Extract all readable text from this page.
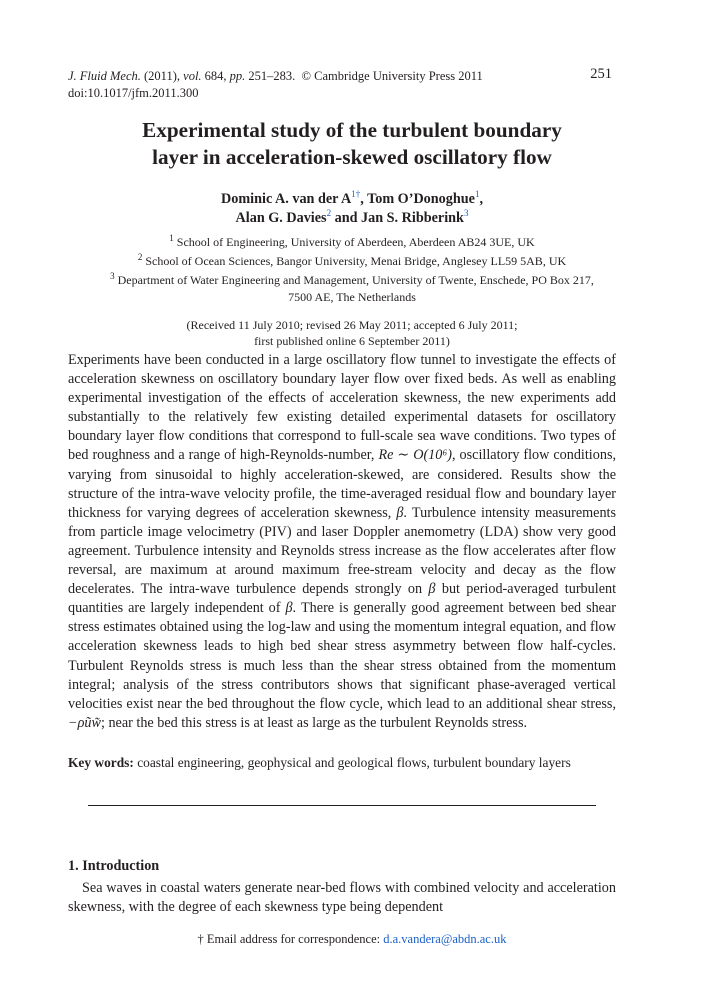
J. Fluid Mech. (2011), vol. 684, pp. 251–283. © Cambridge University Press 2011
doi:10.1017/jfm.2011.300
251
Experimental study of the turbulent boundary
layer in acceleration-skewed oscillatory flow
Dominic A. van der $A^{1\dagger}$, Tom O’Donoghue$^1$,
Alan G. Davies$^2$ and Jan S. Ribberink$^3$
$^1$ School of Engineering, University of Aberdeen, Aberdeen AB24 3UE, UK
$^2$ School of Ocean Sciences, Bangor University, Menai Bridge, Anglesey LL59 5AB, UK
$^3$ Department of Water Engineering and Management, University of Twente, Enschede, PO Box 217,
7500 AE, The Netherlands
(Received 11 July 2010; revised 26 May 2011; accepted 6 July 2011;
first published online 6 September 2011)
Experiments have been conducted in a large oscillatory flow tunnel to investigate the effects of acceleration skewness on oscillatory boundary layer flow over fixed beds. As well as enabling experimental investigation of the effects of acceleration skewness, the new experiments add substantially to the relatively few existing detailed experimental datasets for oscillatory boundary layer flow conditions that correspond to full-scale sea wave conditions. Two types of bed roughness and a range of high-Reynolds-number, Re ∼ O(10⁶), oscillatory flow conditions, varying from sinusoidal to highly acceleration-skewed, are considered. Results show the structure of the intra-wave velocity profile, the time-averaged residual flow and boundary layer thickness for varying degrees of acceleration skewness, β. Turbulence intensity measurements from particle image velocimetry (PIV) and laser Doppler anemometry (LDA) show very good agreement. Turbulence intensity and Reynolds stress increase as the flow accelerates after flow reversal, are maximum at around maximum free-stream velocity and decay as the flow decelerates. The intra-wave turbulence depends strongly on β but period-averaged turbulent quantities are largely independent of β. There is generally good agreement between bed shear stress estimates obtained using the log-law and using the momentum integral equation, and flow acceleration skewness leads to high bed shear stress asymmetry between flow half-cycles. Turbulent Reynolds stress is much less than the shear stress obtained from the momentum integral; analysis of the stress contributors shows that significant phase-averaged vertical velocities exist near the bed throughout the flow cycle, which lead to an additional shear stress, −ρũw̃; near the bed this stress is at least as large as the turbulent Reynolds stress.
Key words: coastal engineering, geophysical and geological flows, turbulent boundary layers
1. Introduction
Sea waves in coastal waters generate near-bed flows with combined velocity and acceleration skewness, with the degree of each skewness type being dependent
† Email address for correspondence: d.a.vandera@abdn.ac.uk
